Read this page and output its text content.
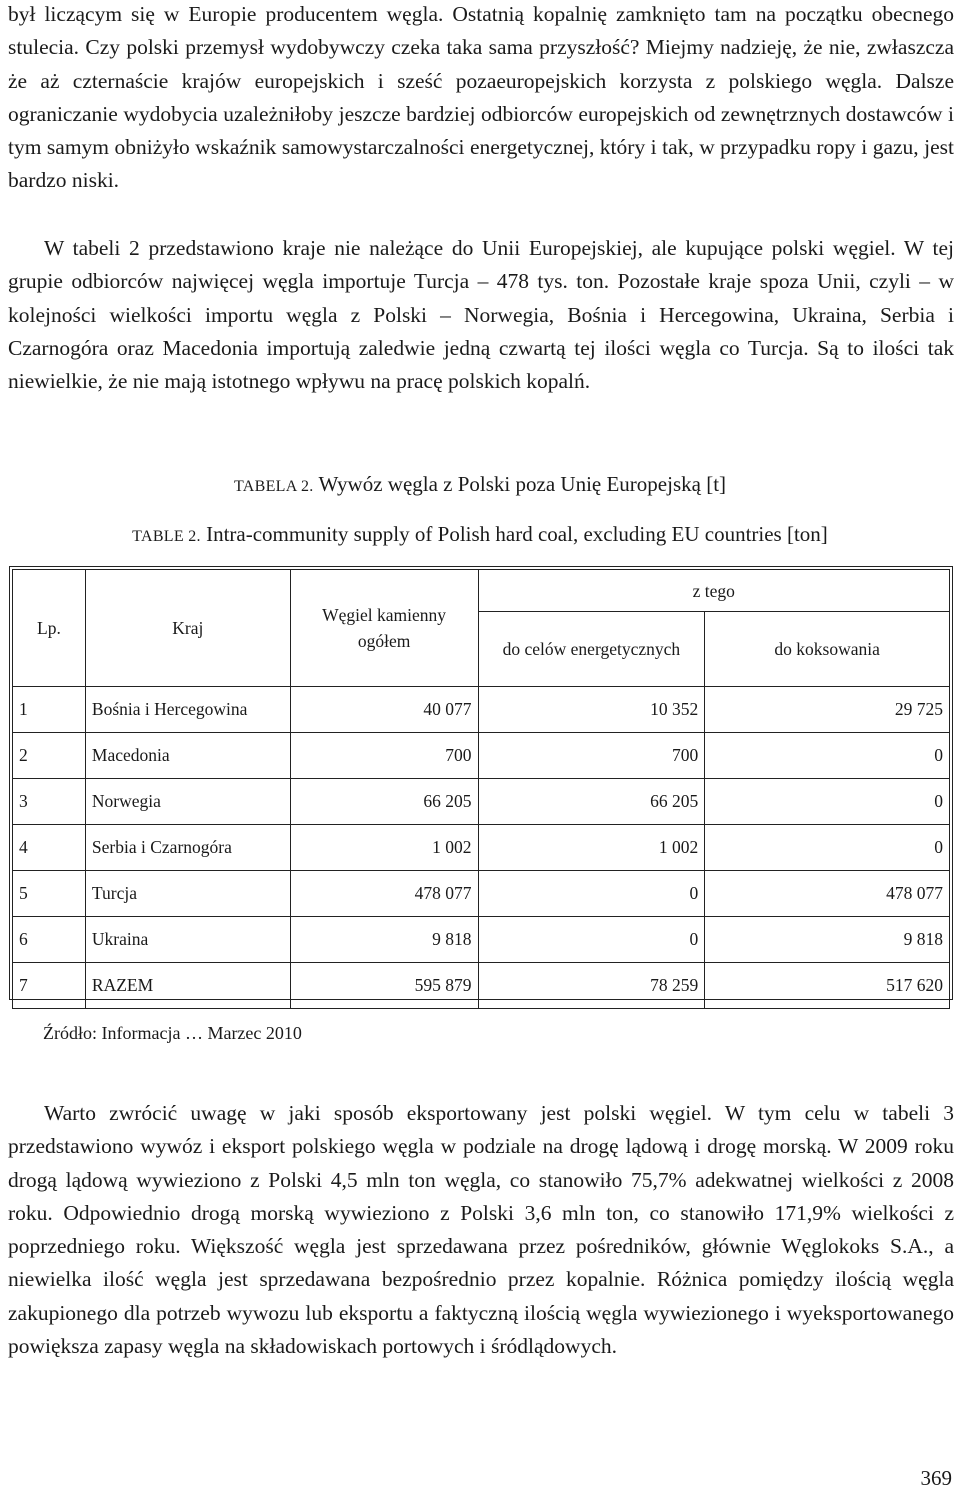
był liczącym się w Europie producentem węgla. Ostatnią kopalnię zamknięto tam na początku obecnego stulecia. Czy polski przemysł wydobywczy czeka taka sama przyszłość? Miejmy nadzieję, że nie, zwłaszcza że aż czternaście krajów europejskich i sześć pozaeuropejskich korzysta z polskiego węgla. Dalsze ograniczanie wydobycia uzależniłoby jeszcze bardziej odbiorców europejskich od zewnętrznych dostawców i tym samym obniżyło wskaźnik samowystarczalności energetycznej, który i tak, w przypadku ropy i gazu, jest bardzo niski.

W tabeli 2 przedstawiono kraje nie należące do Unii Europejskiej, ale kupujące polski węgiel. W tej grupie odbiorców najwięcej węgla importuje Turcja – 478 tys. ton. Pozostałe kraje spoza Unii, czyli – w kolejności wielkości importu węgla z Polski – Norwegia, Bośnia i Hercegowina, Ukraina, Serbia i Czarnogóra oraz Macedonia importują zaledwie jedną czwartą tej ilości węgla co Turcja. Są to ilości tak niewielkie, że nie mają istotnego wpływu na pracę polskich kopalń.

TABELA 2. Wywóz węgla z Polski poza Unię Europejską [t]

TABLE 2. Intra-community supply of Polish hard coal, excluding EU countries [ton]

Lp.	Kraj	Węgiel kamienny ogółem	z tego	
			do celów energetycznych	do koksowania
1	Bośnia i Hercegowina	40 077	10 352	29 725
2	Macedonia	700	700	0
3	Norwegia	66 205	66 205	0
4	Serbia i Czarnogóra	1 002	1 002	0
5	Turcja	478 077	0	478 077
6	Ukraina	9 818	0	9 818
7	RAZEM	595 879	78 259	517 620

Źródło: Informacja … Marzec 2010

Warto zwrócić uwagę w jaki sposób eksportowany jest polski węgiel. W tym celu w tabeli 3 przedstawiono wywóz i eksport polskiego węgla w podziale na drogę lądową i drogę morską. W 2009 roku drogą lądową wywieziono z Polski 4,5 mln ton węgla, co stanowiło 75,7% adekwatnej wielkości z 2008 roku. Odpowiednio drogą morską wywieziono z Polski 3,6 mln ton, co stanowiło 171,9% wielkości z poprzedniego roku. Większość węgla jest sprzedawana przez pośredników, głównie Węglokoks S.A., a niewielka ilość węgla jest sprzedawana bezpośrednio przez kopalnie. Różnica pomiędzy ilością węgla zakupionego dla potrzeb wywozu lub eksportu a faktyczną ilością węgla wywiezionego i wyeksportowanego powiększa zapasy węgla na składowiskach portowych i śródlądowych.

369
